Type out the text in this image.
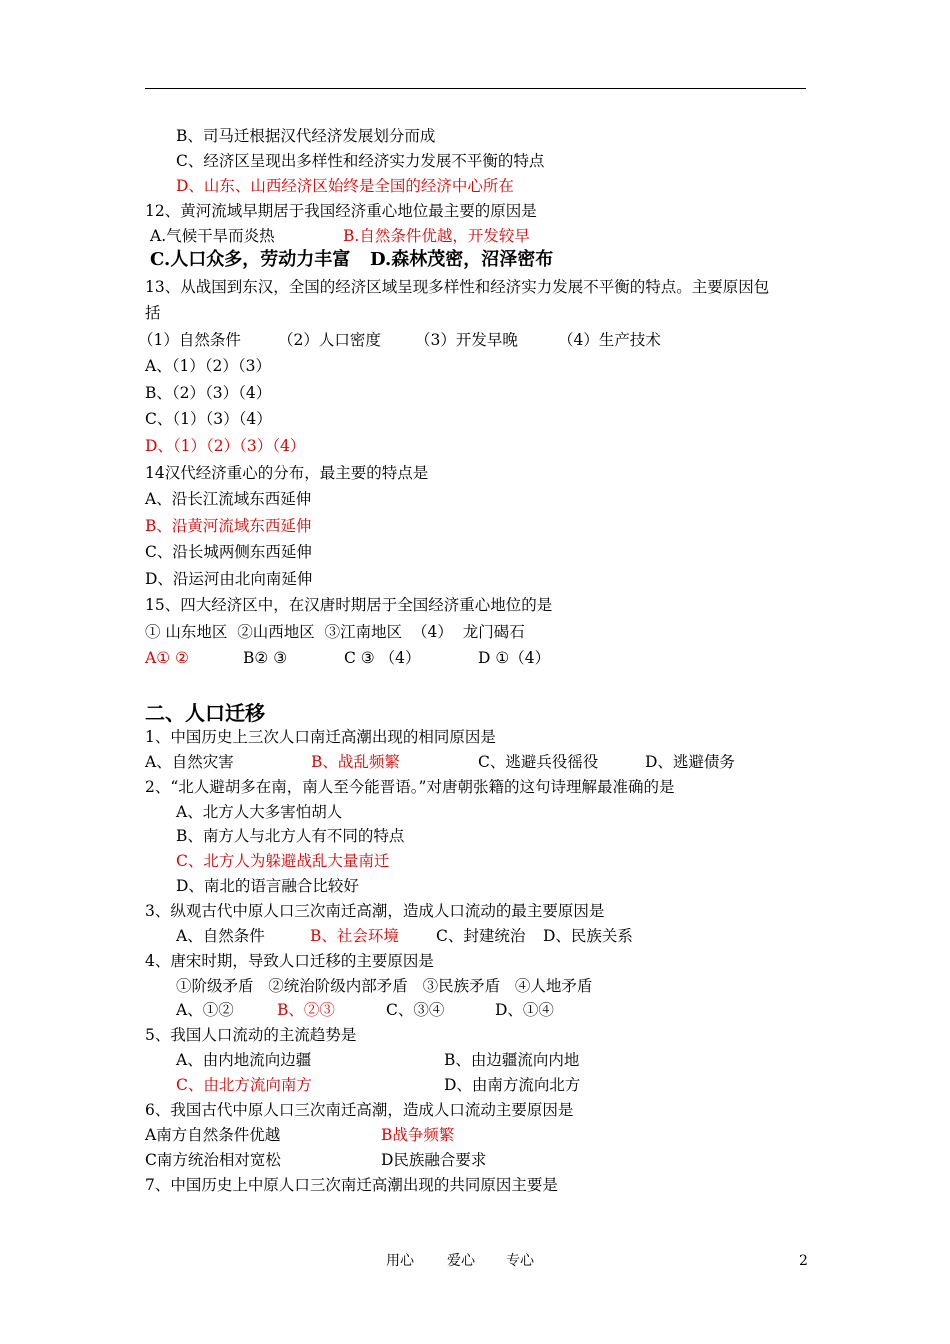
B、司马迁根据汉代经济发展划分而成
C、经济区呈现出多样性和经济实力发展不平衡的特点
D、山东、山西经济区始终是全国的经济中心所在
12、黄河流域早期居于我国经济重心地位最主要的原因是

A.气候干旱而炎热

	B.自然条件优越，开发较早

C.人口众多，劳动力丰富

D.森林茂密，沼泽密布

13、从战国到东汉，全国的经济区域呈现多样性和经济实力发展不平衡的特点。主要原因包
括

（1）自然条件

（2）人口密度

（3）开发早晚

	（4）生产技术

A、（1）（2）（3）
B、（2）（3）（4）
C、（1）（3）（4）
D、（1）（2）（3）（4）
14汉代经济重心的分布，最主要的特点是
A、沿长江流域东西延伸
B、沿黄河流域东西延伸
C、沿长城两侧东西延伸
D、沿运河由北向南延伸
15、四大经济区中，在汉唐时期居于全国经济重心地位的是
① 山东地区  ②山西地区  ③江南地区  （4）  龙门碣石

A① ②

	B② ③

	C ③ （4）

	D ①（4）

二、人口迁移
1、中国历史上三次人口南迁高潮出现的相同原因是

A、自然灾害

	B、战乱频繁

	C、逃避兵役徭役

	D、逃避债务

2、“北人避胡多在南，南人至今能晋语。”对唐朝张籍的这句诗理解最准确的是
A、北方人大多害怕胡人
B、南方人与北方人有不同的特点
C、北方人为躲避战乱大量南迁
D、南北的语言融合比较好
3、纵观古代中原人口三次南迁高潮，造成人口流动的最主要原因是

A、自然条件

	B、社会环境

C、封建统治

D、民族关系

4、唐宋时期，导致人口迁移的主要原因是
①阶级矛盾   ②统治阶级内部矛盾   ③民族矛盾   ④人地矛盾

A、①②

	B、②③

	C、③④

	D、①④

5、我国人口流动的主流趋势是

A、由内地流向边疆

	B、由边疆流向内地

C、由北方流向南方

	D、由南方流向北方

6、我国古代中原人口三次南迁高潮，造成人口流动主要原因是

A南方自然条件优越

	B战争频繁

C南方统治相对宽松

	D民族融合要求

7、中国历史上中原人口三次南迁高潮出现的共同原因主要是
用心 爱心 专心	2
